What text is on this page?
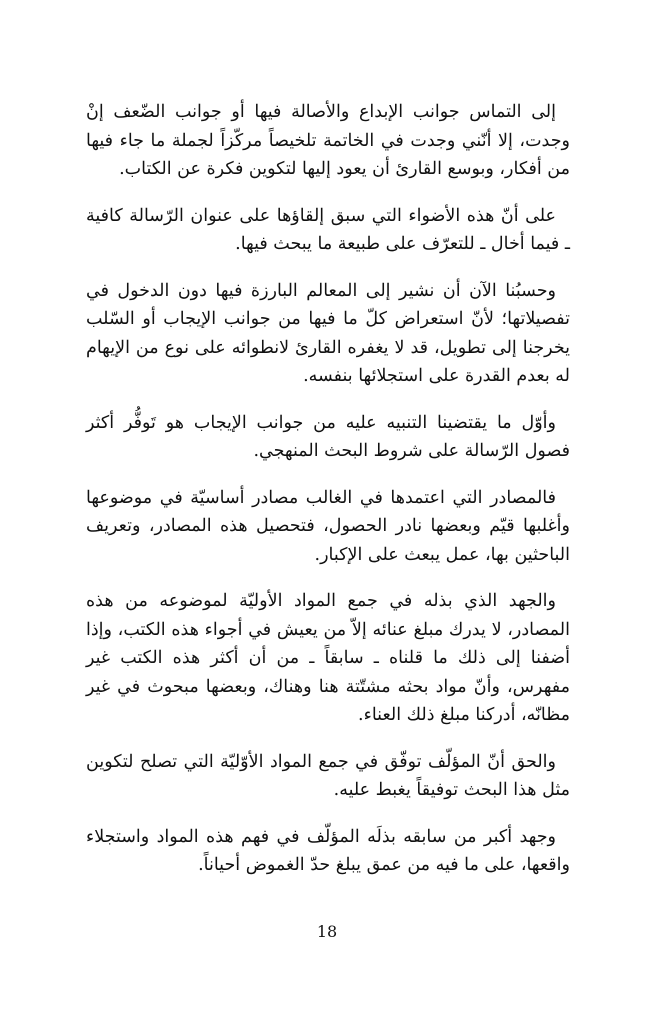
إلى التماس جوانب الإبداع والأصالة فيها أو جوانب الضّعف إنْ وجدت، إلا أنّني وجدت في الخاتمة تلخيصاً مركّزاً لجملة ما جاء فيها من أفكار، وبوسع القارئ أن يعود إليها لتكوين فكرة عن الكتاب.

على أنّ هذه الأضواء التي سبق إلقاؤها على عنوان الرّسالة كافية ـ فيما أخال ـ للتعرّف على طبيعة ما يبحث فيها.

وحسبُنا الآن أن نشير إلى المعالم البارزة فيها دون الدخول في تفصيلاتها؛ لأنّ استعراض كلّ ما فيها من جوانب الإيجاب أو السّلب يخرجنا إلى تطويل، قد لا يغفره القارئ لانطوائه على نوع من الإيهام له بعدم القدرة على استجلائها بنفسه.

وأوّل ما يقتضينا التنبيه عليه من جوانب الإيجاب هو تَوفُّر أكثر فصول الرّسالة على شروط البحث المنهجي.

فالمصادر التي اعتمدها في الغالب مصادر أساسيّة في موضوعها وأغلبها قيّم وبعضها نادر الحصول، فتحصيل هذه المصادر، وتعريف الباحثين بها، عمل يبعث على الإكبار.

والجهد الذي بذله في جمع المواد الأوليّة لموضوعه من هذه المصادر، لا يدرك مبلغ عنائه إلاّ من يعيش في أجواء هذه الكتب، وإذا أضفنا إلى ذلك ما قلناه ـ سابقاً ـ من أن أكثر هذه الكتب غير مفهرس، وأنّ مواد بحثه مشتّتة هنا وهناك، وبعضها مبحوث في غير مظانّه، أدركنا مبلغ ذلك العناء.

والحق أنّ المؤلّف توفّق في جمع المواد الأوّليّة التي تصلح لتكوين مثل هذا البحث توفيقاً يغبط عليه.

وجهد أكبر من سابقه بذلَه المؤلّف في فهم هذه المواد واستجلاء واقعها، على ما فيه من عمق يبلغ حدّ الغموض أحياناً.

18
